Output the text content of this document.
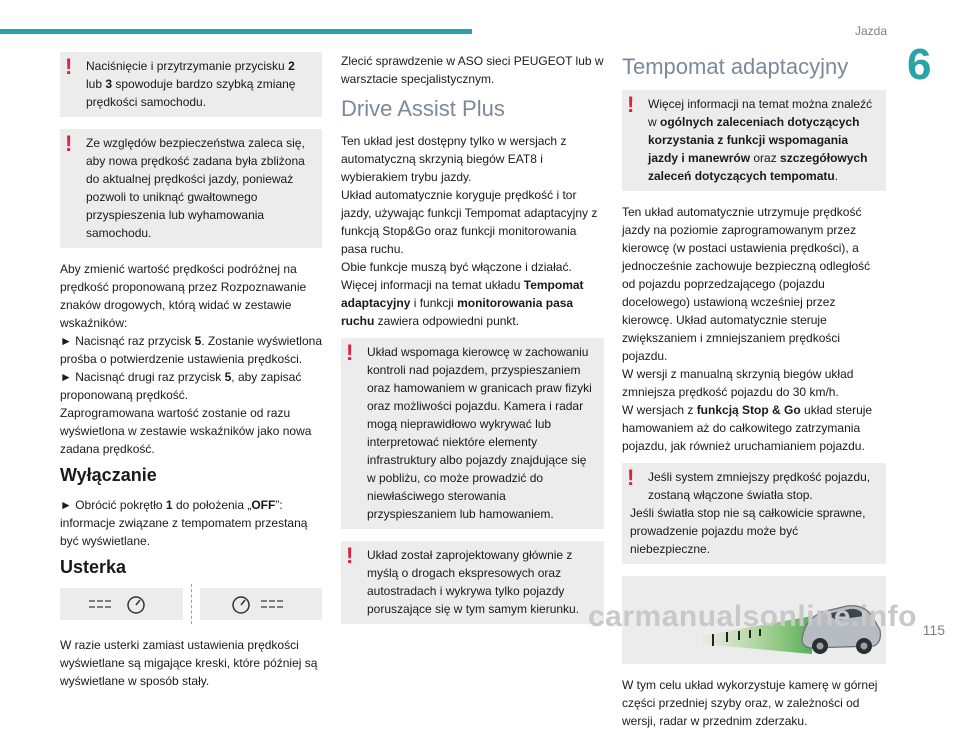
Jazda
6
!	Naciśnięcie i przytrzymanie przycisku 2 lub 3 spowoduje bardzo szybką zmianę prędkości samochodu.

!	Ze względów bezpieczeństwa zaleca się, aby nowa prędkość zadana była zbliżona do aktualnej prędkości jazdy, ponieważ pozwoli to uniknąć gwałtownego przyspieszenia lub wyhamowania samochodu.

Aby zmienić wartość prędkości podróżnej na prędkość proponowaną przez Rozpoznawanie znaków drogowych, którą widać w zestawie wskaźników:

► Nacisnąć raz przycisk 5. Zostanie wyświetlona prośba o potwierdzenie ustawienia prędkości.

► Nacisnąć drugi raz przycisk 5, aby zapisać proponowaną prędkość.

Zaprogramowana wartość zostanie od razu wyświetlona w zestawie wskaźników jako nowa zadana prędkość.

Wyłączanie

► Obrócić pokrętło 1 do położenia „OFF”: informacje związane z tempomatem przestaną być wyświetlane.

Usterka

W razie usterki zamiast ustawienia prędkości wyświetlane są migające kreski, które później są wyświetlane w sposób stały.

Zlecić sprawdzenie w ASO sieci PEUGEOT lub w warsztacie specjalistycznym.

Drive Assist Plus

Ten układ jest dostępny tylko w wersjach z automatyczną skrzynią biegów EAT8 i wybierakiem trybu jazdy.

Układ automatycznie koryguje prędkość i tor jazdy, używając funkcji Tempomat adaptacyjny z funkcją Stop&Go oraz funkcji monitorowania pasa ruchu.

Obie funkcje muszą być włączone i działać.

Więcej informacji na temat układu Tempomat adaptacyjny i funkcji monitorowania pasa ruchu zawiera odpowiedni punkt.

!	Układ wspomaga kierowcę w zachowaniu kontroli nad pojazdem, przyspieszaniem oraz hamowaniem w granicach praw fizyki oraz możliwości pojazdu. Kamera i radar mogą nieprawidłowo wykrywać lub interpretować niektóre elementy infrastruktury albo pojazdy znajdujące się w pobliżu, co może prowadzić do niewłaściwego sterowania przyspieszaniem lub hamowaniem.

!	Układ został zaprojektowany głównie z myślą o drogach ekspresowych oraz autostradach i wykrywa tylko pojazdy poruszające się w tym samym kierunku.

Tempomat adaptacyjny
!	Więcej informacji na temat można znaleźć w ogólnych zaleceniach dotyczących korzystania z funkcji wspomagania jazdy i manewrów oraz szczegółowych zaleceń dotyczących tempomatu.

Ten układ automatycznie utrzymuje prędkość jazdy na poziomie zaprogramowanym przez kierowcę (w postaci ustawienia prędkości), a jednocześnie zachowuje bezpieczną odległość od pojazdu poprzedzającego (pojazdu docelowego) ustawioną wcześniej przez kierowcę. Układ automatycznie steruje zwiększaniem i zmniejszaniem prędkości pojazdu.

W wersji z manualną skrzynią biegów układ zmniejsza prędkość pojazdu do 30 km/h.

W wersjach z funkcją Stop & Go układ steruje hamowaniem aż do całkowitego zatrzymania pojazdu, jak również uruchamianiem pojazdu.

!	Jeśli system zmniejszy prędkość pojazdu, zostaną włączone światła stop.

Jeśli światła stop nie są całkowicie sprawne, prowadzenie pojazdu może być niebezpieczne.

W tym celu układ wykorzystuje kamerę w górnej części przedniej szyby oraz, w zależności od wersji, radar w przednim zderzaku.

carmanualsonline.info 115
